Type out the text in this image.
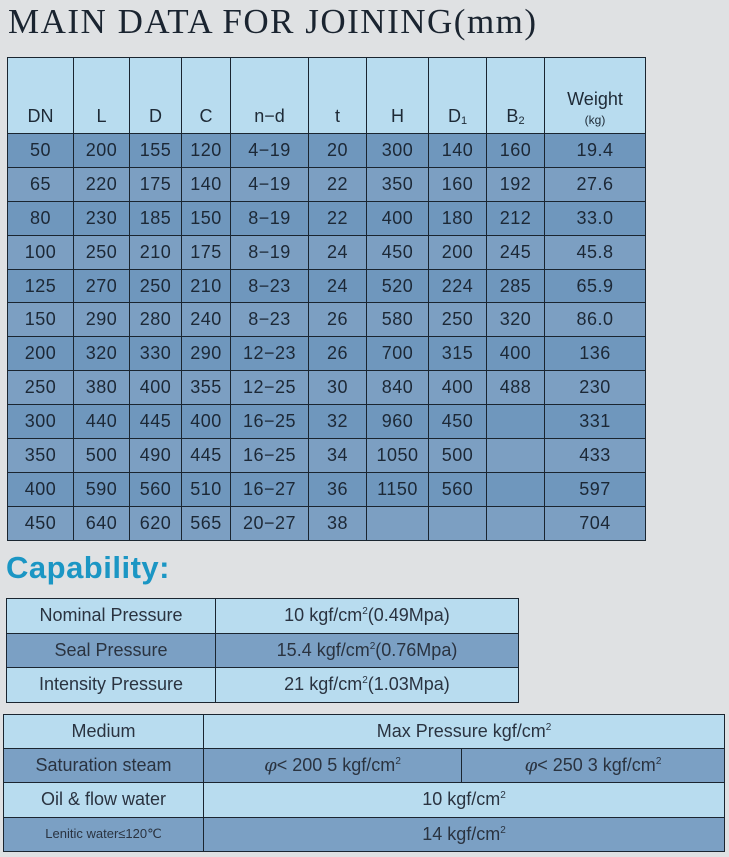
MAIN DATA FOR JOINING(mm)
DN	L	D	C	n−d	t	H	D1	B2	Weight
(kg)

50	200	155	120	4−19	20	300	140	160	19.4
65	220	175	140	4−19	22	350	160	192	27.6
80	230	185	150	8−19	22	400	180	212	33.0
100	250	210	175	8−19	24	450	200	245	45.8
125	270	250	210	8−23	24	520	224	285	65.9
150	290	280	240	8−23	26	580	250	320	86.0
200	320	330	290	12−23	26	700	315	400	136
250	380	400	355	12−25	30	840	400	488	230
300	440	445	400	16−25	32	960	450		331
350	500	490	445	16−25	34	1050	500		433
400	590	560	510	16−27	36	1150	560		597
450	640	620	565	20−27	38				704
Capability:
Nominal Pressure	10 kgf/$cm^2(0.49Mpa)$
Seal Pressure	15.4 kgf/$cm^2(0.76Mpa)$
Intensity Pressure	21 kgf/$cm^2(1.03Mpa)$
Medium	Max Pressure kgf/$cm^2$
Saturation steam	φ< 200 5 kgf/$cm^2$	φ< 250 3 kgf/$cm^2$
Oil & flow water	10 kgf/$cm^2$
Lenitic water≤120℃	14 kgf/$cm^2$
